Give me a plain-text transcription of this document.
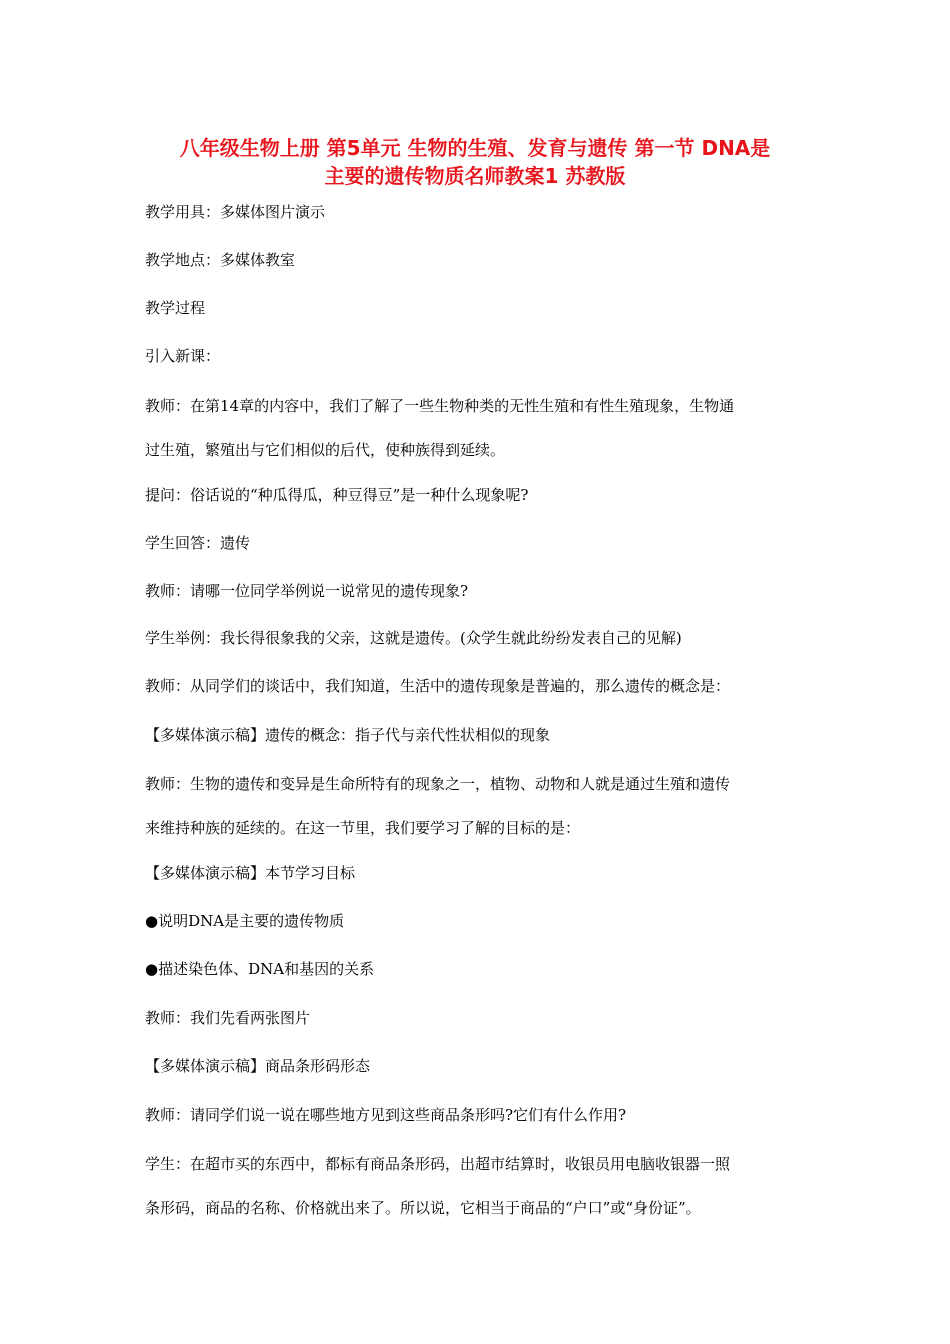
八年级生物上册 第5单元 生物的生殖、发育与遗传 第一节 DNA是
主要的遗传物质名师教案1 苏教版

教学用具：多媒体图片演示

教学地点：多媒体教室

教学过程

引入新课：

教师：在第14章的内容中，我们了解了一些生物种类的无性生殖和有性生殖现象，生物通
过生殖，繁殖出与它们相似的后代，使种族得到延续。

提问：俗话说的“种瓜得瓜，种豆得豆”是一种什么现象呢?

学生回答：遗传

教师：请哪一位同学举例说一说常见的遗传现象?

学生举例：我长得很象我的父亲，这就是遗传。(众学生就此纷纷发表自己的见解)

教师：从同学们的谈话中，我们知道，生活中的遗传现象是普遍的，那么遗传的概念是：

【多媒体演示稿】遗传的概念：指子代与亲代性状相似的现象

教师：生物的遗传和变异是生命所特有的现象之一，植物、动物和人就是通过生殖和遗传
来维持种族的延续的。在这一节里，我们要学习了解的目标的是：

【多媒体演示稿】本节学习目标

●说明DNA是主要的遗传物质

●描述染色体、DNA和基因的关系

教师：我们先看两张图片

【多媒体演示稿】商品条形码形态

教师：请同学们说一说在哪些地方见到这些商品条形吗?它们有什么作用?

学生：在超市买的东西中，都标有商品条形码，出超市结算时，收银员用电脑收银器一照
条形码，商品的名称、价格就出来了。所以说，它相当于商品的“户口”或“身份证”。
